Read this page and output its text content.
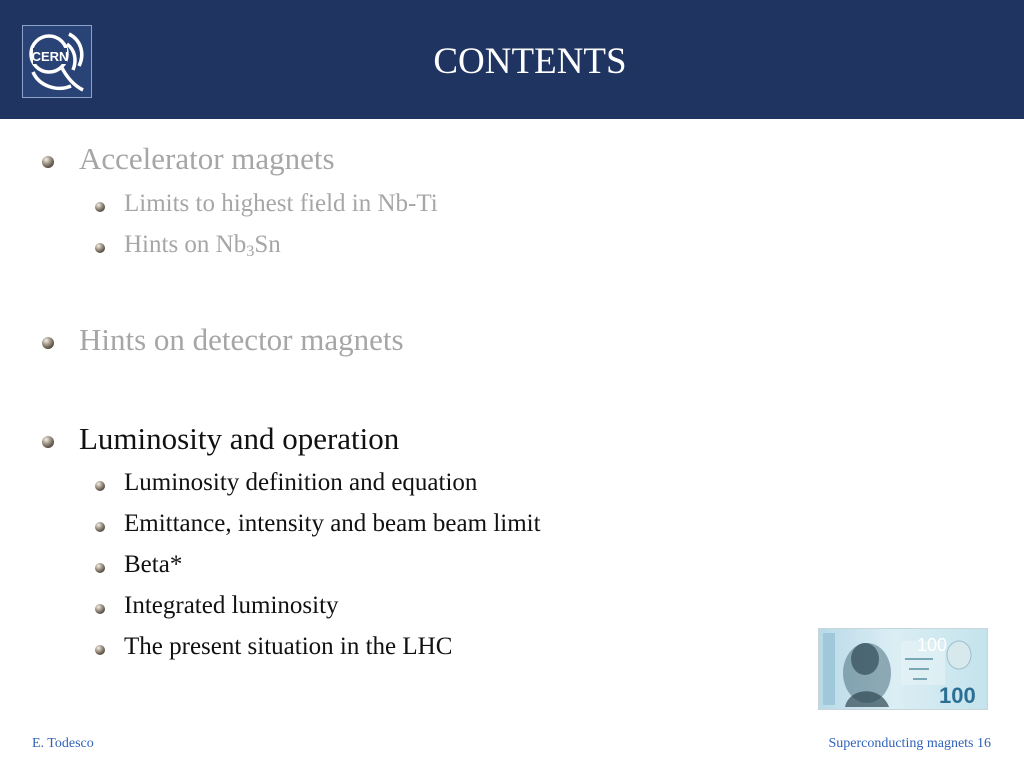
CERN	CONTENTS
Accelerator magnets
Limits to highest field in Nb-Ti
Hints on $Nb_3Sn$
Hints on detector magnets
Luminosity and operation
Luminosity definition and equation
Emittance, intensity and beam beam limit
Beta*
Integrated luminosity
The present situation in the LHC	100
100
E. Todesco	Superconducting magnets 16
